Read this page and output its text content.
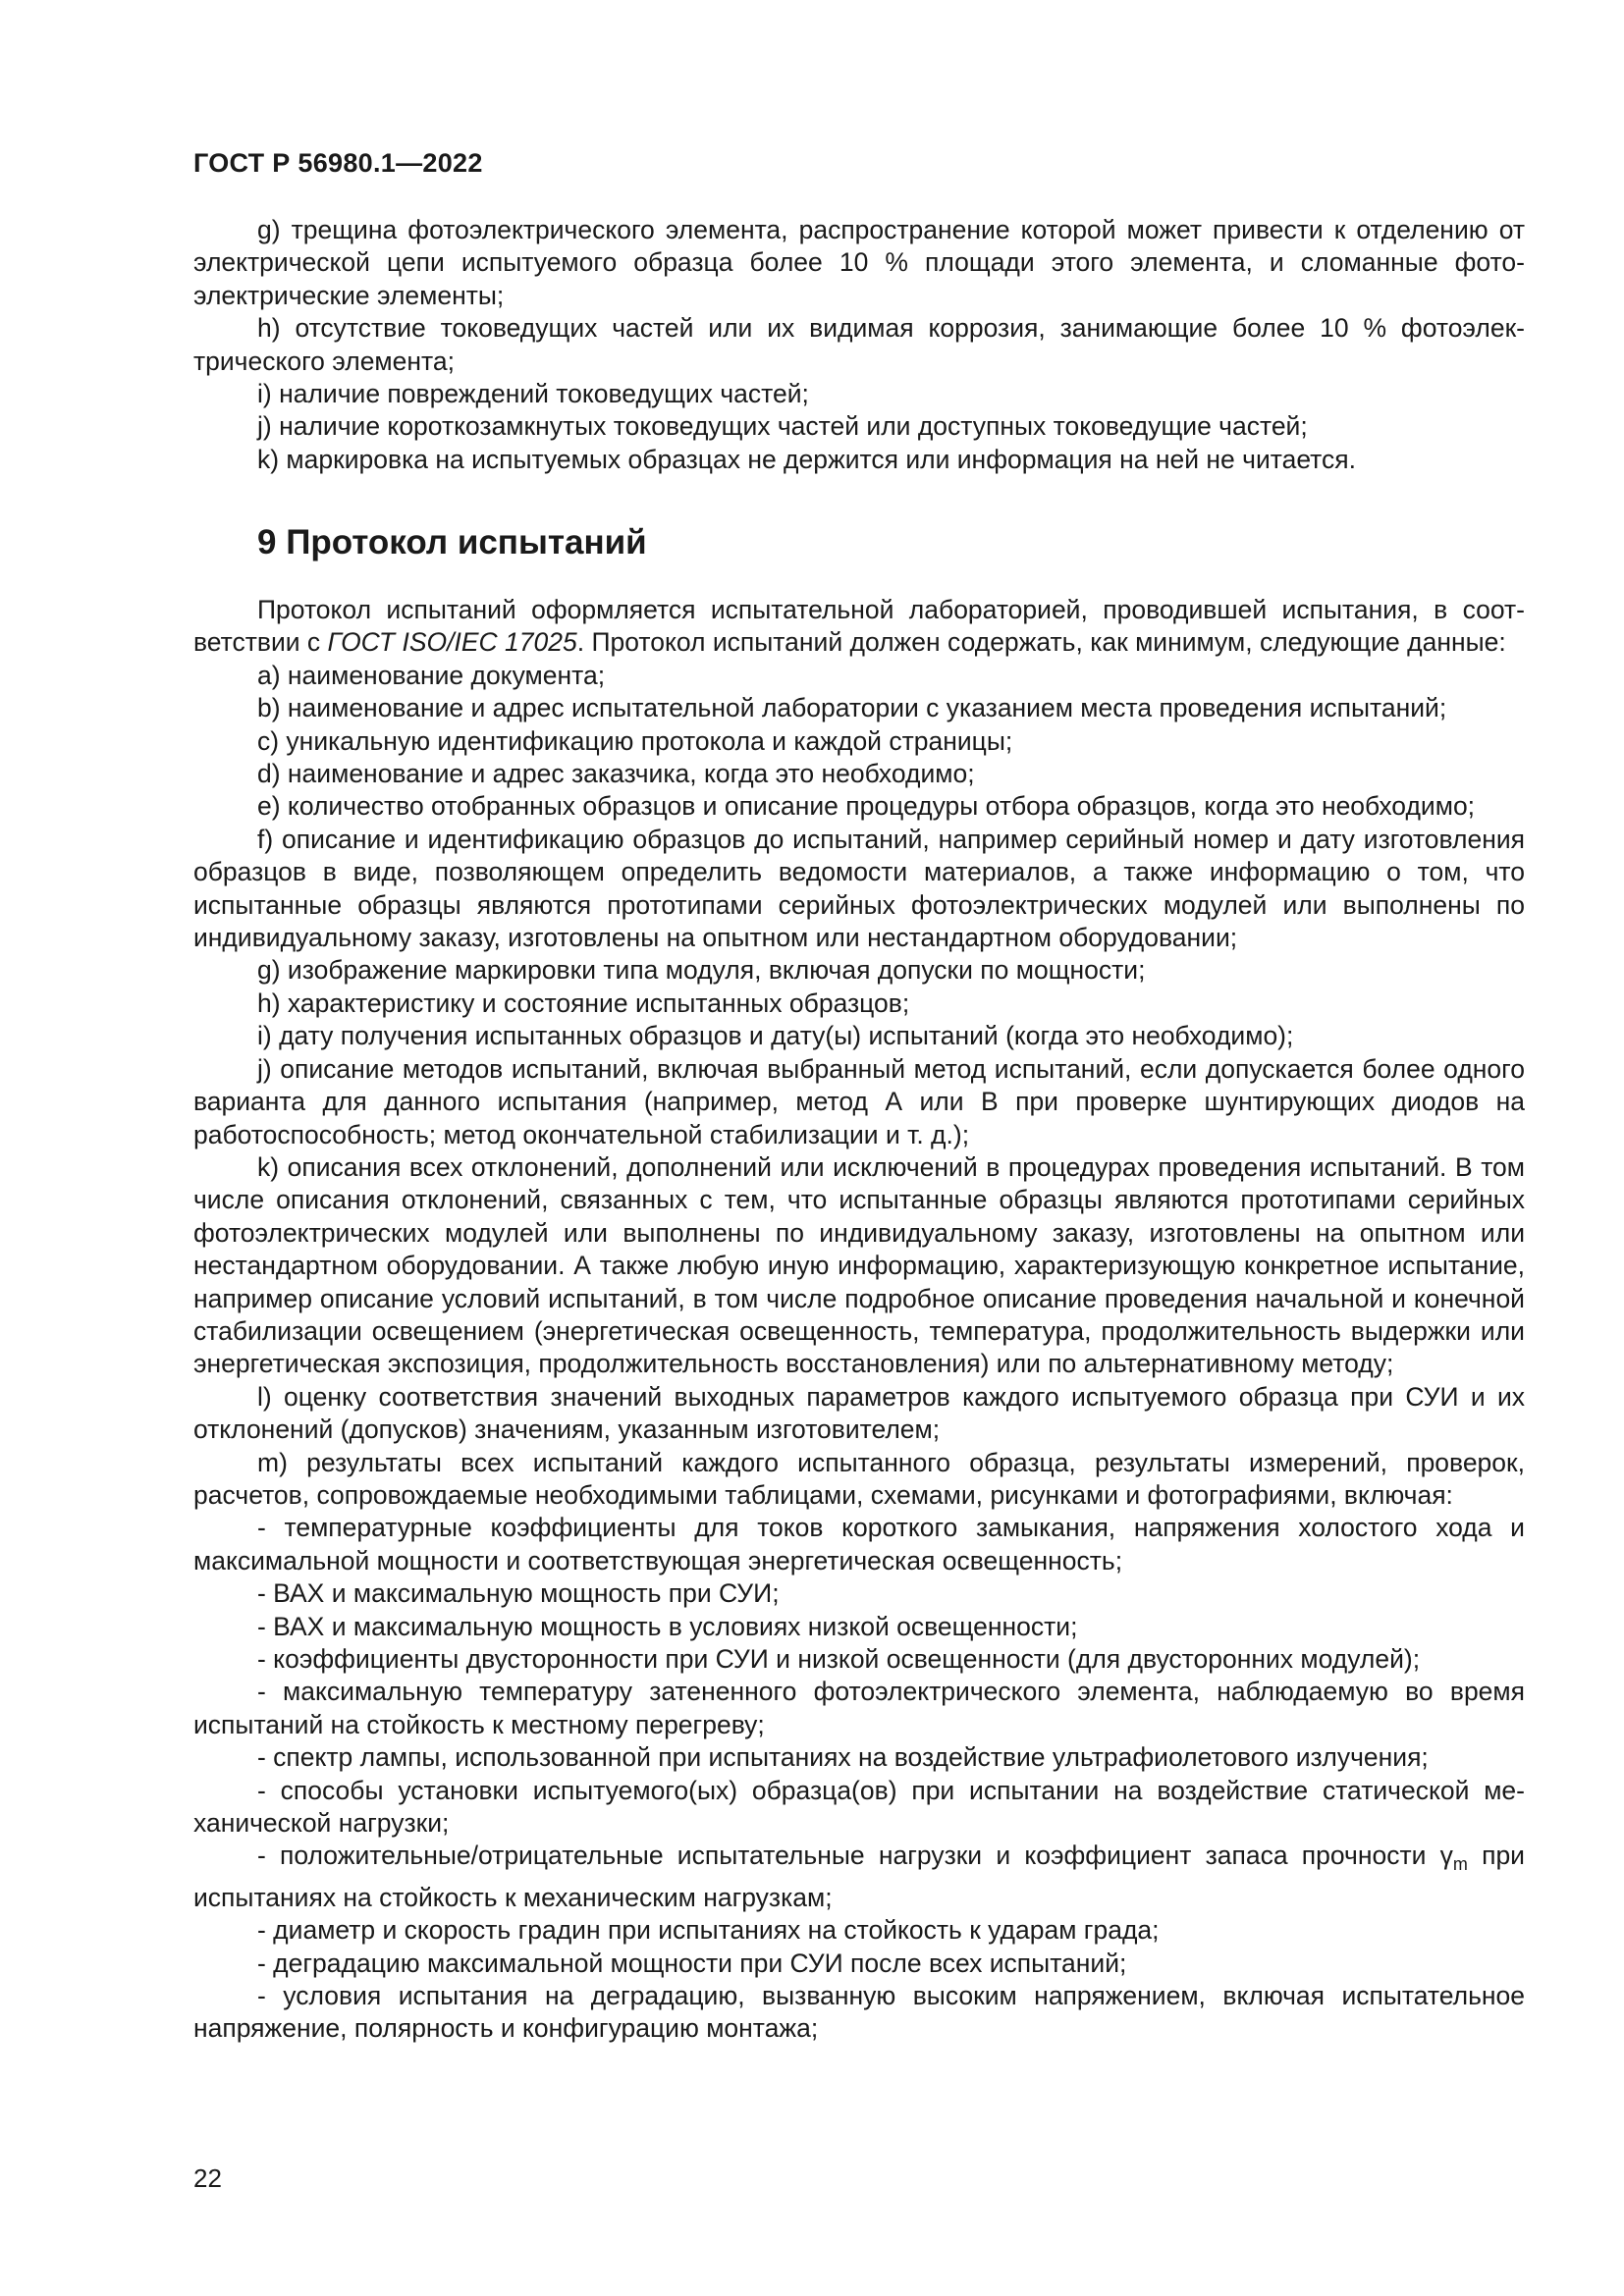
ГОСТ Р 56980.1—2022

g) трещина фотоэлектрического элемента, распространение которой может привести к отделению от электрической цепи испытуемого образца более 10 % площади этого элемента, и сломанные фотоэлектрические элементы;

h) отсутствие токоведущих частей или их видимая коррозия, занимающие более 10 % фотоэлектрического элемента;

i) наличие повреждений токоведущих частей;

j) наличие короткозамкнутых токоведущих частей или доступных токоведущие частей;

k) маркировка на испытуемых образцах не держится или информация на ней не читается.

9 Протокол испытаний

Протокол испытаний оформляется испытательной лабораторией, проводившей испытания, в соответствии с ГОСТ ISO/IEC 17025. Протокол испытаний должен содержать, как минимум, следующие данные:

a) наименование документа;

b) наименование и адрес испытательной лаборатории с указанием места проведения испытаний;

c) уникальную идентификацию протокола и каждой страницы;

d) наименование и адрес заказчика, когда это необходимо;

e) количество отобранных образцов и описание процедуры отбора образцов, когда это необходимо;

f) описание и идентификацию образцов до испытаний, например серийный номер и дату изготовления образцов в виде, позволяющем определить ведомости материалов, а также информацию о том, что испытанные образцы являются прототипами серийных фотоэлектрических модулей или выполнены по индивидуальному заказу, изготовлены на опытном или нестандартном оборудовании;

g) изображение маркировки типа модуля, включая допуски по мощности;

h) характеристику и состояние испытанных образцов;

i) дату получения испытанных образцов и дату(ы) испытаний (когда это необходимо);

j) описание методов испытаний, включая выбранный метод испытаний, если допускается более одного варианта для данного испытания (например, метод А или В при проверке шунтирующих диодов на работоспособность; метод окончательной стабилизации и т. д.);

k) описания всех отклонений, дополнений или исключений в процедурах проведения испытаний. В том числе описания отклонений, связанных с тем, что испытанные образцы являются прототипами серийных фотоэлектрических модулей или выполнены по индивидуальному заказу, изготовлены на опытном или нестандартном оборудовании. А также любую иную информацию, характеризующую конкретное испытание, например описание условий испытаний, в том числе подробное описание проведения начальной и конечной стабилизации освещением (энергетическая освещенность, температура, продолжительность выдержки или энергетическая экспозиция, продолжительность восстановления) или по альтернативному методу;

l) оценку соответствия значений выходных параметров каждого испытуемого образца при СУИ и их отклонений (допусков) значениям, указанным изготовителем;

m) результаты всех испытаний каждого испытанного образца, результаты измерений, проверок, расчетов, сопровождаемые необходимыми таблицами, схемами, рисунками и фотографиями, включая:

- температурные коэффициенты для токов короткого замыкания, напряжения холостого хода и максимальной мощности и соответствующая энергетическая освещенность;

- ВАХ и максимальную мощность при СУИ;

- ВАХ и максимальную мощность в условиях низкой освещенности;

- коэффициенты двусторонности при СУИ и низкой освещенности (для двусторонних модулей);

- максимальную температуру затененного фотоэлектрического элемента, наблюдаемую во время испытаний на стойкость к местному перегреву;

- спектр лампы, использованной при испытаниях на воздействие ультрафиолетового излучения;

- способы установки испытуемого(ых) образца(ов) при испытании на воздействие статической механической нагрузки;

- положительные/отрицательные испытательные нагрузки и коэффициент запаса прочности $\gamma_m$ при испытаниях на стойкость к механическим нагрузкам;

- диаметр и скорость градин при испытаниях на стойкость к ударам града;

- деградацию максимальной мощности при СУИ после всех испытаний;

- условия испытания на деградацию, вызванную высоким напряжением, включая испытательное напряжение, полярность и конфигурацию монтажа;

22
